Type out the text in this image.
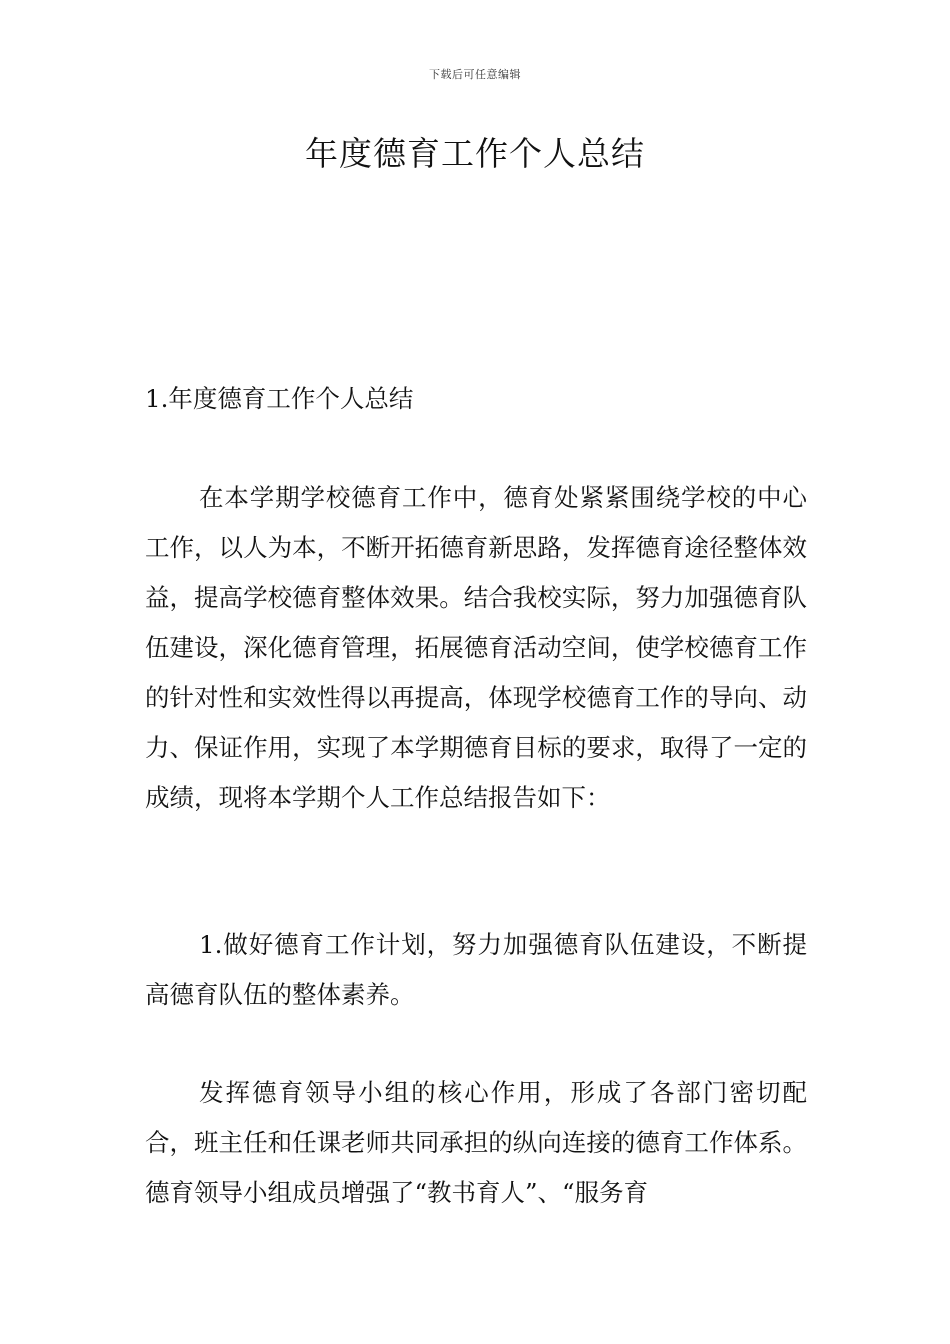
下载后可任意编辑
年度德育工作个人总结

1.年度德育工作个人总结

在本学期学校德育工作中，德育处紧紧围绕学校的中心工作，以人为本，不断开拓德育新思路，发挥德育途径整体效益，提高学校德育整体效果。结合我校实际，努力加强德育队伍建设，深化德育管理，拓展德育活动空间，使学校德育工作的针对性和实效性得以再提高，体现学校德育工作的导向、动力、保证作用，实现了本学期德育目标的要求，取得了一定的成绩，现将本学期个人工作总结报告如下：

1.做好德育工作计划，努力加强德育队伍建设，不断提高德育队伍的整体素养。

发挥德育领导小组的核心作用，形成了各部门密切配合，班主任和任课老师共同承担的纵向连接的德育工作体系。德育领导小组成员增强了“教书育人”、“服务育
